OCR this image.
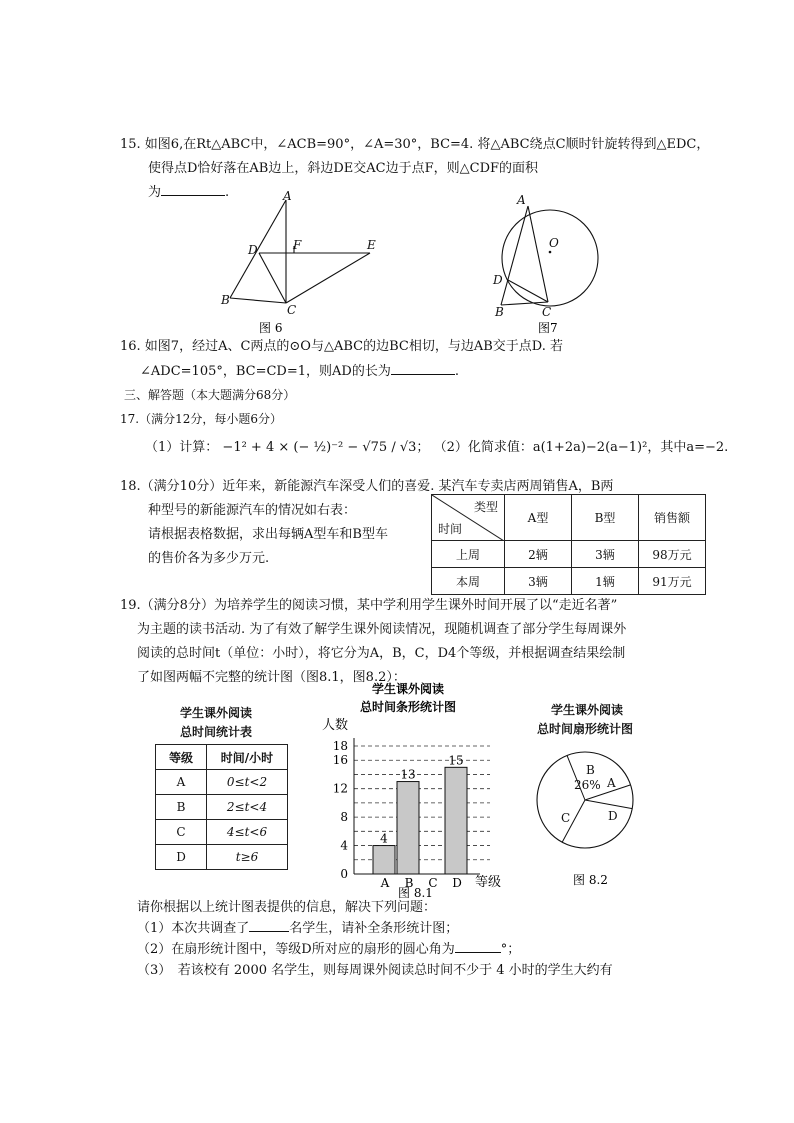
15. 如图6,在Rt△ABC中，∠ACB=90°，∠A=30°，BC=4. 将△ABC绕点C顺时针旋转得到△EDC，
使得点D恰好落在AB边上，斜边DE交AC边于点F，则△CDF的面积
为	.	A
D	F	E
B
C
图 6
A
O
D
B	C
图7
16. 如图7，经过A、C两点的⊙O与△ABC的边BC相切，与边AB交于点D. 若
∠ADC=105°，BC=CD=1，则AD的长为	.
三、解答题（本大题满分68分）
17.（满分12分，每小题6分）
（1）计算： −1² + 4 × (− ½)⁻² − √75 / √3； （2）化简求值：a(1+2a)−2(a−1)²，其中a=−2.
18.（满分10分）近年来，新能源汽车深受人们的喜爱. 某汽车专卖店两周销售A，B两
种型号的新能源汽车的情况如右表：
请根据表格数据，求出每辆A型车和B型车
的售价各为多少万元.
类型
时间	A型	B型	销售额
上周	2辆	3辆	98万元
本周	3辆	1辆	91万元
19.（满分8分）为培养学生的阅读习惯，某中学利用学生课外时间开展了以“走近名著”
为主题的读书活动. 为了有效了解学生课外阅读情况，现随机调查了部分学生每周课外
阅读的总时间t（单位：小时），将它分为A，B，C，D4个等级，并根据调查结果绘制
了如图两幅不完整的统计图（图8.1，图8.2）：
学生课外阅读
总时间统计表
等级	时间/小时
A	0≤t<2
B	2≤t<4
C	4≤t<6
D	t≥6
学生课外阅读
总时间条形统计图
人数
0
4
8
12
16
18
A B C D
4
13
15
等级
图 8.1
学生课外阅读
总时间扇形统计图
B
26% A
D
C
图 8.2
请你根据以上统计图表提供的信息，解决下列问题：
（1）本次共调查了	名学生，请补全条形统计图；
（2）在扇形统计图中，等级D所对应的扇形的圆心角为	°；
（3）　若该校有 2000 名学生，则每周课外阅读总时间不少于 4 小时的学生大约有
